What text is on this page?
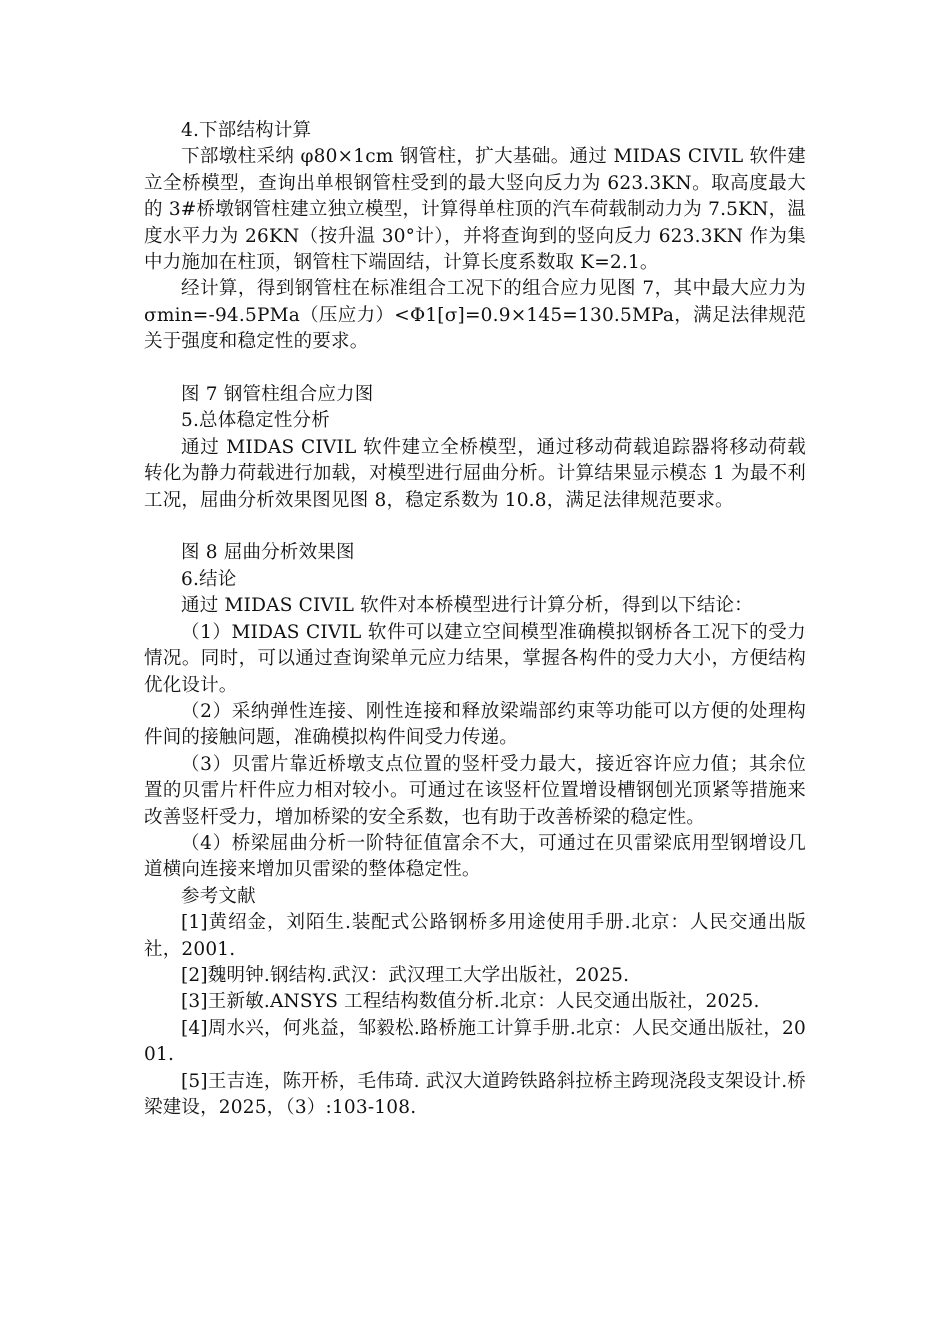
4.下部结构计算

下部墩柱采纳 φ80×1cm 钢管柱，扩大基础。通过 MIDAS CIVIL 软件建立全桥模型，查询出单根钢管柱受到的最大竖向反力为 623.3KN。取高度最大的 3#桥墩钢管柱建立独立模型，计算得单柱顶的汽车荷载制动力为 7.5KN，温度水平力为 26KN（按升温 30°计），并将查询到的竖向反力 623.3KN 作为集中力施加在柱顶，钢管柱下端固结，计算长度系数取 K=2.1。

经计算，得到钢管柱在标准组合工况下的组合应力见图 7，其中最大应力为 σmin=-94.5PMa（压应力）<Φ1[σ]=0.9×145=130.5MPa，满足法律规范关于强度和稳定性的要求。

图 7 钢管柱组合应力图

5.总体稳定性分析

通过 MIDAS CIVIL 软件建立全桥模型，通过移动荷载追踪器将移动荷载转化为静力荷载进行加载，对模型进行屈曲分析。计算结果显示模态 1 为最不利工况，屈曲分析效果图见图 8，稳定系数为 10.8，满足法律规范要求。

图 8 屈曲分析效果图

6.结论

通过 MIDAS CIVIL 软件对本桥模型进行计算分析，得到以下结论：

（1）MIDAS CIVIL 软件可以建立空间模型准确模拟钢桥各工况下的受力情况。同时，可以通过查询梁单元应力结果，掌握各构件的受力大小，方便结构优化设计。

（2）采纳弹性连接、刚性连接和释放梁端部约束等功能可以方便的处理构件间的接触问题，准确模拟构件间受力传递。

（3）贝雷片靠近桥墩支点位置的竖杆受力最大，接近容许应力值；其余位置的贝雷片杆件应力相对较小。可通过在该竖杆位置增设槽钢刨光顶紧等措施来改善竖杆受力，增加桥梁的安全系数，也有助于改善桥梁的稳定性。

（4）桥梁屈曲分析一阶特征值富余不大，可通过在贝雷梁底用型钢增设几道横向连接来增加贝雷梁的整体稳定性。

参考文献

[1]黄绍金，刘陌生.装配式公路钢桥多用途使用手册.北京：人民交通出版社，2001.

[2]魏明钟.钢结构.武汉：武汉理工大学出版社，2025.

[3]王新敏.ANSYS 工程结构数值分析.北京：人民交通出版社，2025.

[4]周水兴，何兆益，邹毅松.路桥施工计算手册.北京：人民交通出版社，2001.

[5]王吉连，陈开桥，毛伟琦. 武汉大道跨铁路斜拉桥主跨现浇段支架设计.桥梁建设，2025，（3）:103-108.
